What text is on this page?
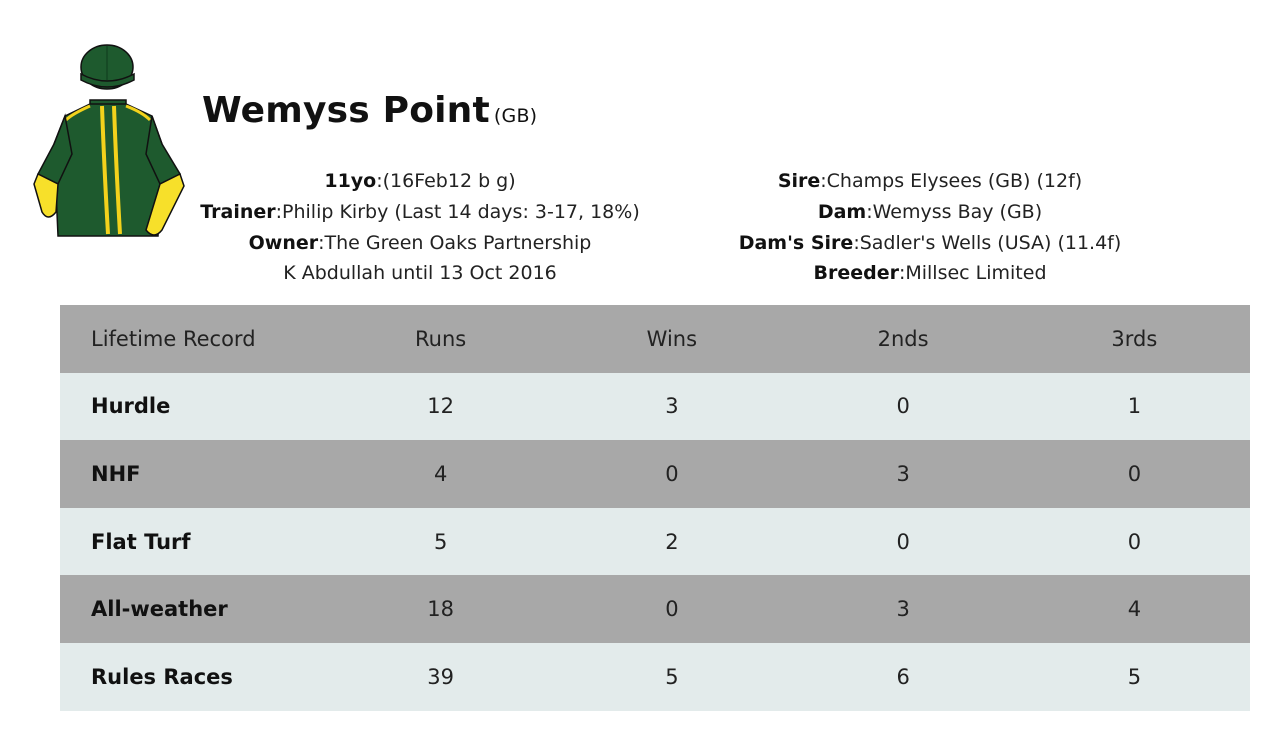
Wemyss Point (GB)
11yo:(16Feb12 b g)
Trainer:Philip Kirby (Last 14 days: 3-17, 18%)
Owner:The Green Oaks Partnership
K Abdullah until 13 Oct 2016
Sire:Champs Elysees (GB) (12f)
Dam:Wemyss Bay (GB)
Dam's Sire:Sadler's Wells (USA) (11.4f)
Breeder:Millsec Limited
Lifetime Record	Runs	Wins	2nds	3rds
Hurdle	12	3	0	1
NHF	4	0	3	0
Flat Turf	5	2	0	0
All-weather	18	0	3	4
Rules Races	39	5	6	5
